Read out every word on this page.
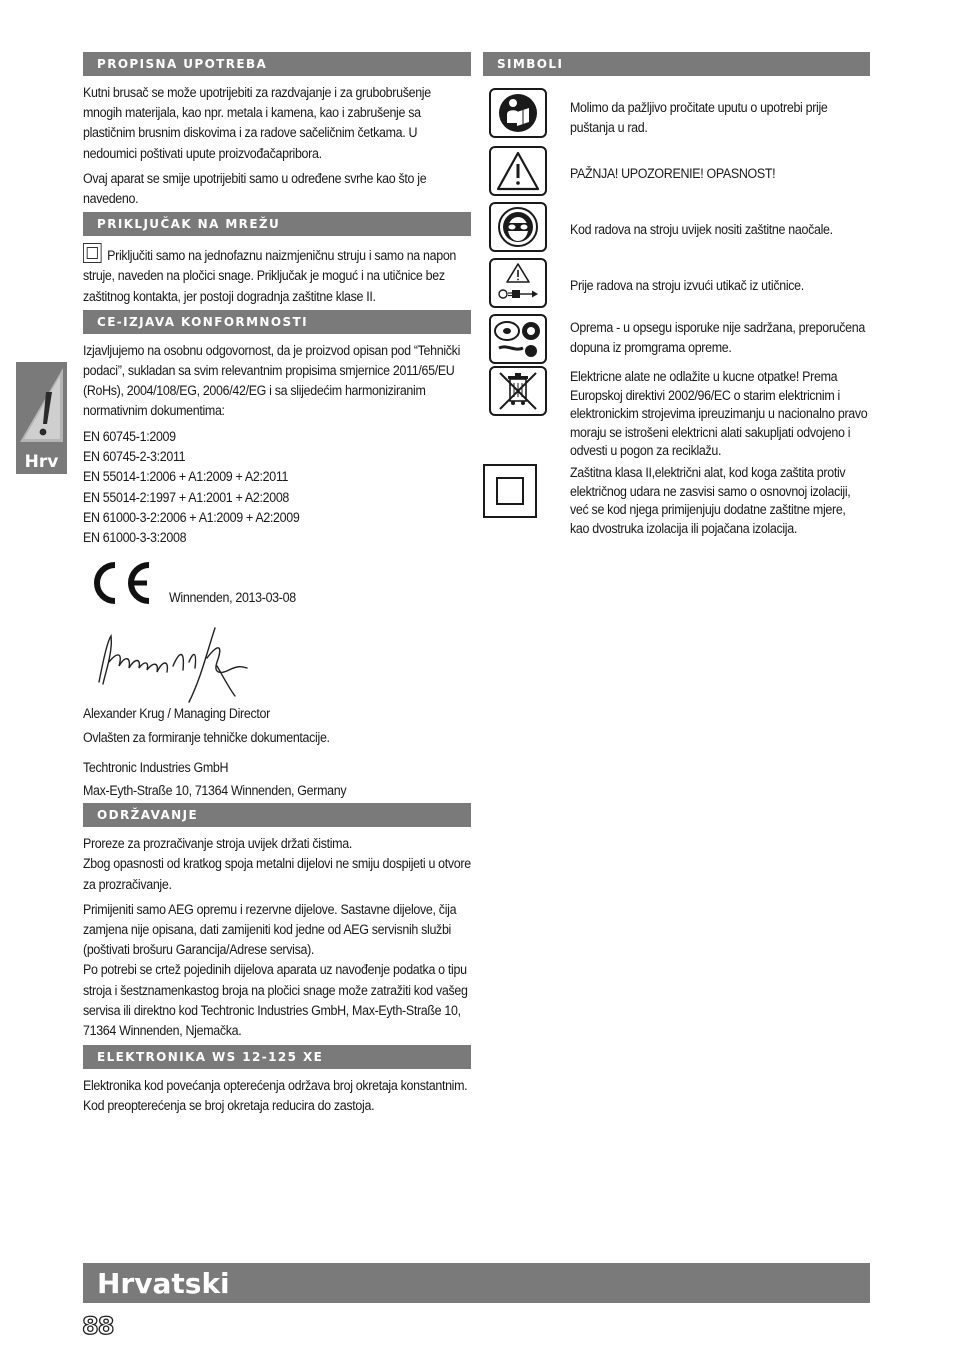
Hrv
PROPISNA UPOTREBA
Kutni brusač se može upotrijebiti za razdvajanje i za grubobrušenje mnogih materijala, kao npr. metala i kamena, kao i zabrušenje sa plastičnim brusnim diskovima i za radove sačeličnim četkama. U nedoumici poštivati upute proizvođačapribora.
Ovaj aparat se smije upotrijebiti samo u određene svrhe kao što je navedeno.
PRIKLJUČAK NA MREŽU
Priključiti samo na jednofaznu naizmjeničnu struju i samo na napon struje, naveden na pločici snage. Priključak je moguć i na utičnice bez zaštitnog kontakta, jer postoji dogradnja zaštitne klase II.
CE-IZJAVA KONFORMNOSTI
Izjavljujemo na osobnu odgovornost, da je proizvod opisan pod “Tehnički podaci”, sukladan sa svim relevantnim propisima smjernice 2011/65/EU (RoHs), 2004/108/EG, 2006/42/EG i sa slijedećim harmoniziranim normativnim dokumentima:
EN 60745-1:2009
EN 60745-2-3:2011
EN 55014-1:2006 + A1:2009 + A2:2011
EN 55014-2:1997 + A1:2001 + A2:2008
EN 61000-3-2:2006 + A1:2009 + A2:2009
EN 61000-3-3:2008
Winnenden, 2013-03-08
Alexander Krug / Managing Director
Ovlašten za formiranje tehničke dokumentacije.
Techtronic Industries GmbH
Max-Eyth-Straße 10, 71364 Winnenden, Germany
ODRŽAVANJE
Proreze za prozračivanje stroja uvijek držati čistima.
Zbog opasnosti od kratkog spoja metalni dijelovi ne smiju dospijeti u otvore za prozračivanje.
Primijeniti samo AEG opremu i rezervne dijelove. Sastavne dijelove, čija zamjena nije opisana, dati zamijeniti kod jedne od AEG servisnih službi (poštivati brošuru Garancija/Adrese servisa).
Po potrebi se crtež pojedinih dijelova aparata uz navođenje podatka o tipu stroja i šestznamenkastog broja na pločici snage može zatražiti kod vašeg servisa ili direktno kod Techtronic Industries GmbH, Max-Eyth-Straße 10, 71364 Winnenden, Njemačka.
ELEKTRONIKA WS 12-125 XE
Elektronika kod povećanja opterećenja održava broj okretaja konstantnim.
Kod preopterećenja se broj okretaja reducira do zastoja.
SIMBOLI
Molimo da pažljivo pročitate uputu o upotrebi prije puštanja u rad.
PAŽNJA! UPOZORENIE! OPASNOST!
Kod radova na stroju uvijek nositi zaštitne naočale.
Prije radova na stroju izvući utikač iz utičnice.
Oprema - u opsegu isporuke nije sadržana, preporučena dopuna iz promgrama opreme.
Elektricne alate ne odlažite u kucne otpatke! Prema Europskoj direktivi 2002/96/EC o starim elektricnim i elektronickim strojevima ipreuzimanju u nacionalno pravo moraju se istrošeni elektricni alati sakupljati odvojeno i odvesti u pogon za reciklažu.
Zaštitna klasa II,električni alat, kod koga zaštita protiv električnog udara ne zasvisi samo o osnovnoj izolaciji, već se kod njega primijenjuju dodatne zaštitne mjere, kao dvostruka izolacija ili pojačana izolacija.
Hrvatski
88
